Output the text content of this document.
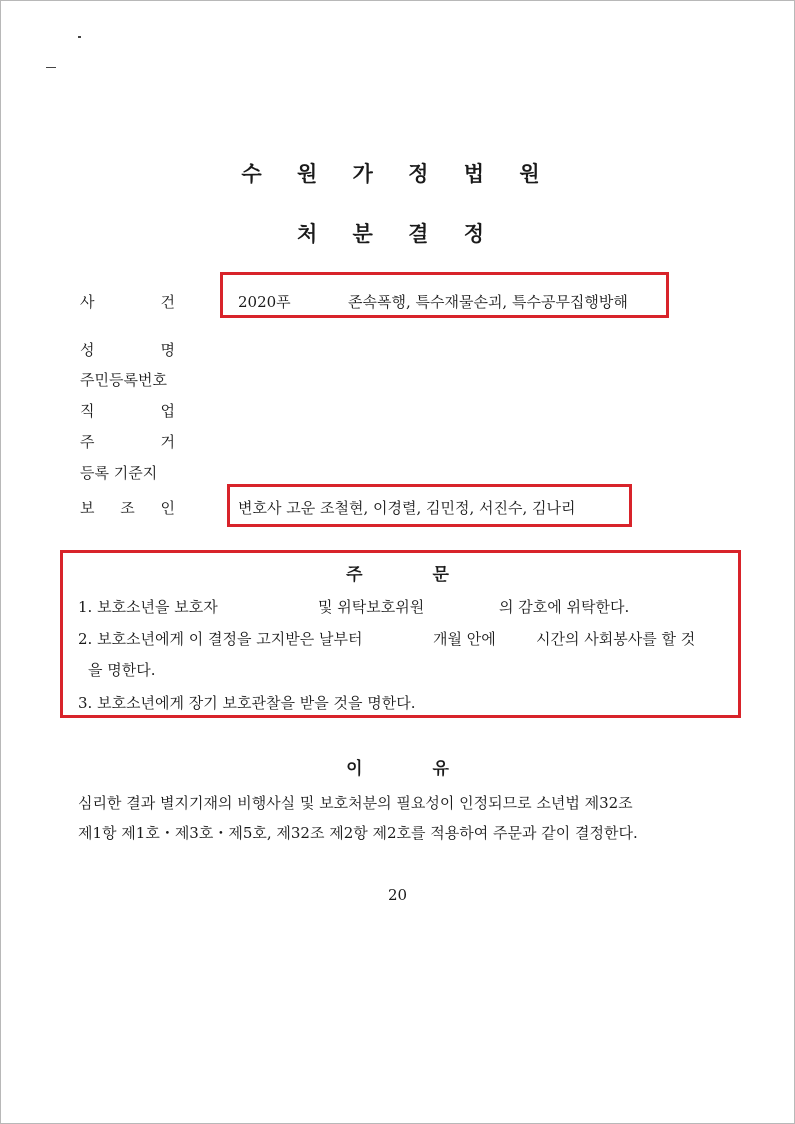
수 원 가 정 법 원
처 분 결 정
사	건	2020푸	존속폭행, 특수재물손괴, 특수공무집행방해
성	명
주민등록번호
직	업
주	거
등록 기준지
보 조 인	변호사 고운 조철현, 이경렬, 김민정, 서진수, 김나리
주	문
1. 보호소년을 보호자	및 위탁보호위원	의 감호에 위탁한다.
2. 보호소년에게 이 결정을 고지받은 날부터	개월 안에	시간의 사회봉사를 할 것
을 명한다.
3. 보호소년에게 장기 보호관찰을 받을 것을 명한다.
이	유
심리한 결과 별지기재의 비행사실 및 보호처분의 필요성이 인정되므로 소년법 제32조
제1항 제1호・제3호・제5호, 제32조 제2항 제2호를 적용하여 주문과 같이 결정한다.
20
